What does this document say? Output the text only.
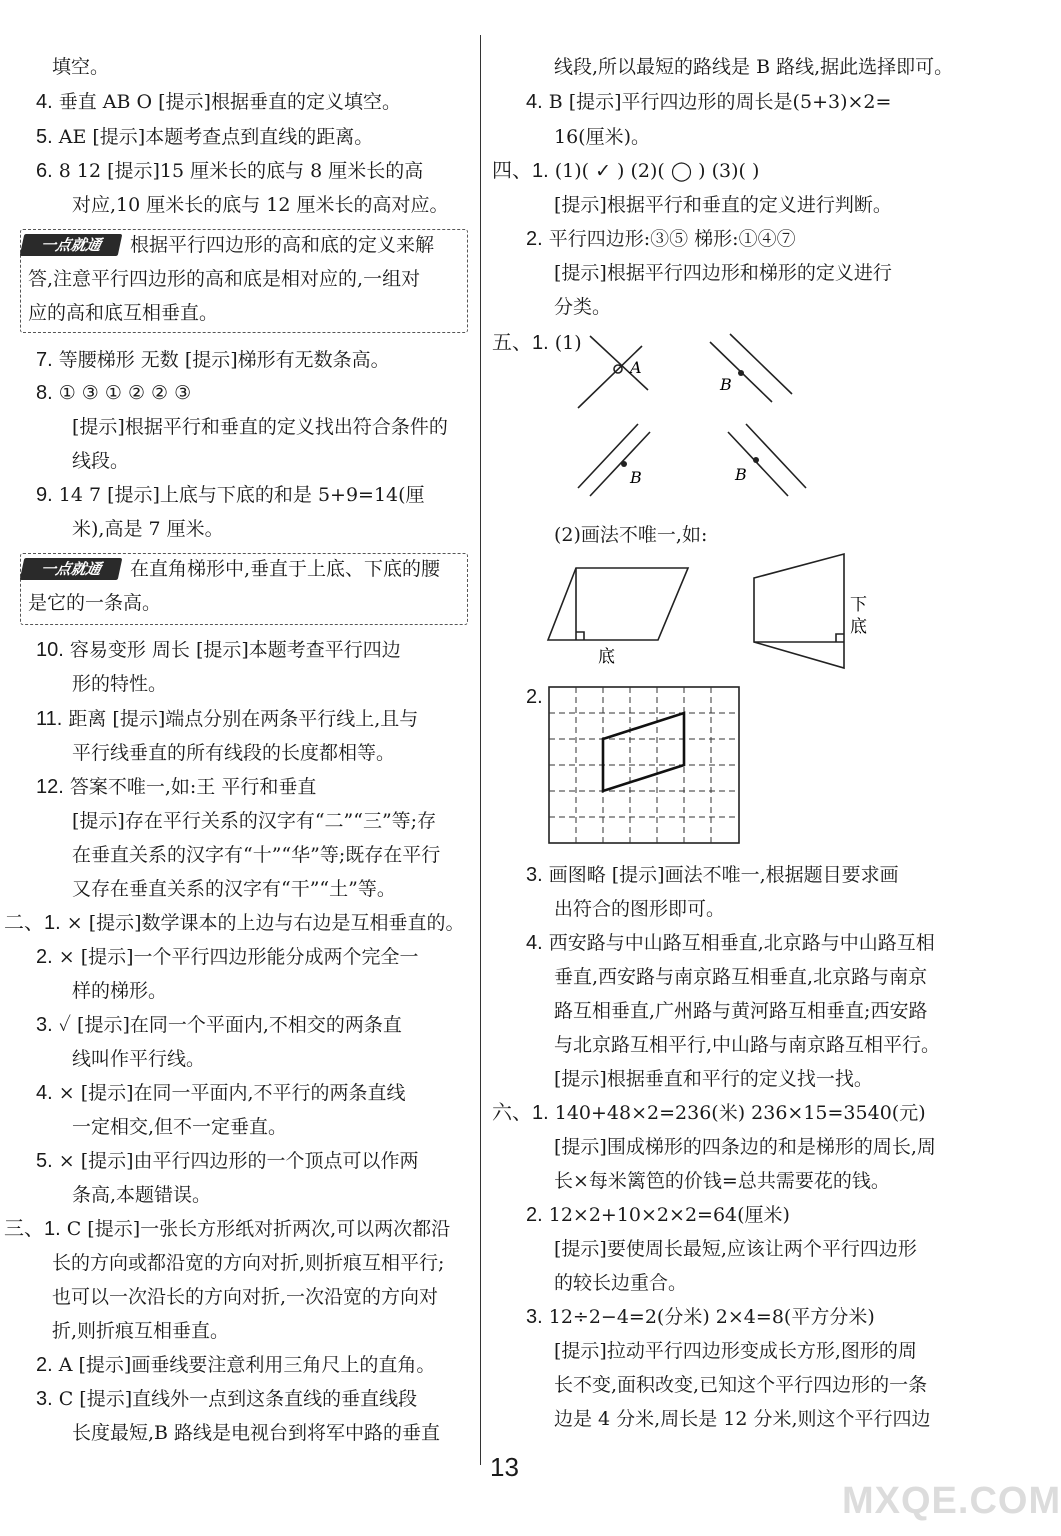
填空。
4. 垂直 AB O [提示]根据垂直的定义填空。
5. AE [提示]本题考查点到直线的距离。
6. 8 12 [提示]15 厘米长的底与 8 厘米长的高
对应,10 厘米长的底与 12 厘米长的高对应。
一点就通	根据平行四边形的高和底的定义来解
答,注意平行四边形的高和底是相对应的,一组对
应的高和底互相垂直。
7. 等腰梯形 无数 [提示]梯形有无数条高。
8. ① ③ ① ② ② ③
[提示]根据平行和垂直的定义找出符合条件的
线段。
9. 14 7 [提示]上底与下底的和是 5+9=14(厘
米),高是 7 厘米。
一点就通	在直角梯形中,垂直于上底、下底的腰
是它的一条高。
10. 容易变形 周长 [提示]本题考查平行四边
形的特性。
11. 距离 [提示]端点分别在两条平行线上,且与
平行线垂直的所有线段的长度都相等。
12. 答案不唯一,如:王 平行和垂直
[提示]存在平行关系的汉字有“二”“三”等;存
在垂直关系的汉字有“十”“华”等;既存在平行
又存在垂直关系的汉字有“干”“土”等。
二、1. × [提示]数学课本的上边与右边是互相垂直的。
2. × [提示]一个平行四边形能分成两个完全一
样的梯形。
3. ✓ [提示]在同一个平面内,不相交的两条直
线叫作平行线。
4. × [提示]在同一平面内,不平行的两条直线
一定相交,但不一定垂直。
5. × [提示]由平行四边形的一个顶点可以作两
条高,本题错误。
三、1. C [提示]一张长方形纸对折两次,可以两次都沿
长的方向或都沿宽的方向对折,则折痕互相平行;
也可以一次沿长的方向对折,一次沿宽的方向对
折,则折痕互相垂直。
2. A [提示]画垂线要注意利用三角尺上的直角。
3. C [提示]直线外一点到这条直线的垂直线段
长度最短,B 路线是电视台到将军中路的垂直
线段,所以最短的路线是 B 路线,据此选择即可。
4. B [提示]平行四边形的周长是(5+3)×2=
16(厘米)。
四、1. (1)( ✓ ) (2)( ◯ ) (3)( )
[提示]根据平行和垂直的定义进行判断。
2. 平行四边形:③⑤ 梯形:①④⑦
[提示]根据平行四边形和梯形的定义进行
分类。
五、1. (1)
A
B
B	B
(2)画法不唯一,如:
底
下
底
2.
3. 画图略 [提示]画法不唯一,根据题目要求画
出符合的图形即可。
4. 西安路与中山路互相垂直,北京路与中山路互相
垂直,西安路与南京路互相垂直,北京路与南京
路互相垂直,广州路与黄河路互相垂直;西安路
与北京路互相平行,中山路与南京路互相平行。
[提示]根据垂直和平行的定义找一找。
六、1. 140+48×2=236(米) 236×15=3540(元)
[提示]围成梯形的四条边的和是梯形的周长,周
长×每米篱笆的价钱=总共需要花的钱。
2. 12×2+10×2×2=64(厘米)
[提示]要使周长最短,应该让两个平行四边形
的较长边重合。
3. 12÷2−4=2(分米) 2×4=8(平方分米)
[提示]拉动平行四边形变成长方形,图形的周
长不变,面积改变,已知这个平行四边形的一条
边是 4 分米,周长是 12 分米,则这个平行四边
13
MXQE.COM
